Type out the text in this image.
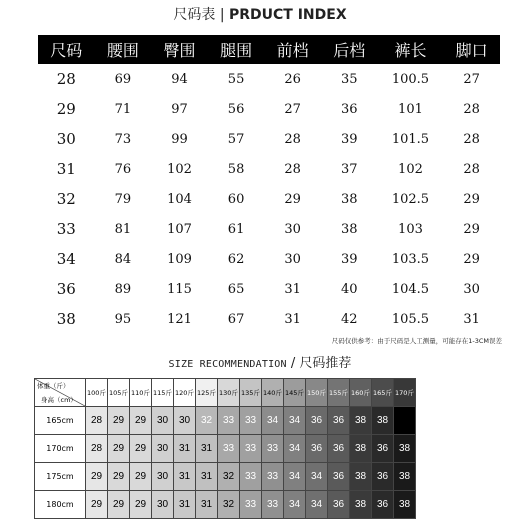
尺码表 | PRDUCT INDEX
尺码	腰围	臀围	腿围	前档	后档	裤长	脚口
28	69	94	55	26	35	100.5	27
29	71	97	56	27	36	101	28
30	73	99	57	28	39	101.5	28
31	76	102	58	28	37	102	28
32	79	104	60	29	38	102.5	29
33	81	107	61	30	38	103	29
34	84	109	62	30	39	103.5	29
36	89	115	65	31	40	104.5	30
38	95	121	67	31	42	105.5	31
尺码仅供参考：由于尺码是人工测量，可能存在1-3CM误差
SIZE RECOMMENDATION / 尺码推荐
体重（斤）
身高（cm）	100斤	105斤	110斤	115斤	120斤	125斤	130斤	135斤	140斤	145斤	150斤	155斤	160斤	165斤	170斤
165cm	28	29	29	30	30	32	33	33	34	34	36	36	38	38	
170cm	28	29	29	30	31	31	33	33	33	34	36	36	38	36	38
175cm	29	29	29	30	31	31	32	33	33	34	34	36	38	36	38
180cm	29	29	29	30	31	31	32	33	33	34	34	36	38	36	38
